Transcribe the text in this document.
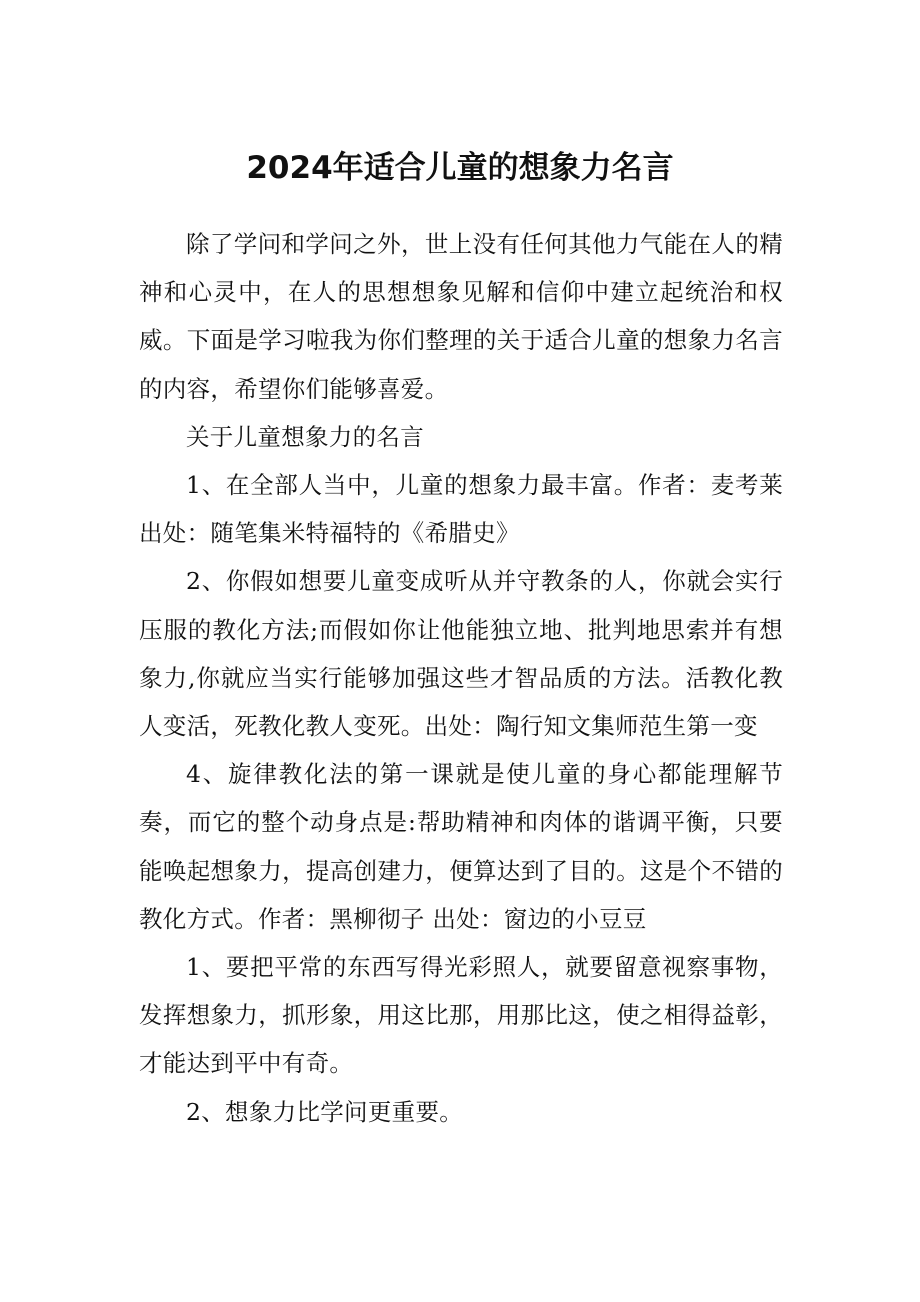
2024年适合儿童的想象力名言

除了学问和学问之外，世上没有任何其他力气能在人的精神和心灵中，在人的思想想象见解和信仰中建立起统治和权威。下面是学习啦我为你们整理的关于适合儿童的想象力名言的内容，希望你们能够喜爱。

关于儿童想象力的名言

1、在全部人当中，儿童的想象力最丰富。作者：麦考莱 出处：随笔集米特福特的《希腊史》

2、你假如想要儿童变成听从并守教条的人，你就会实行压服的教化方法;而假如你让他能独立地、批判地思索并有想象力,你就应当实行能够加强这些才智品质的方法。活教化教人变活，死教化教人变死。出处：陶行知文集师范生第一变

4、旋律教化法的第一课就是使儿童的身心都能理解节奏，而它的整个动身点是:帮助精神和肉体的谐调平衡，只要能唤起想象力，提高创建力，便算达到了目的。这是个不错的教化方式。作者：黑柳彻子 出处：窗边的小豆豆

1、要把平常的东西写得光彩照人，就要留意视察事物，发挥想象力，抓形象，用这比那，用那比这，使之相得益彰，才能达到平中有奇。

2、想象力比学问更重要。
